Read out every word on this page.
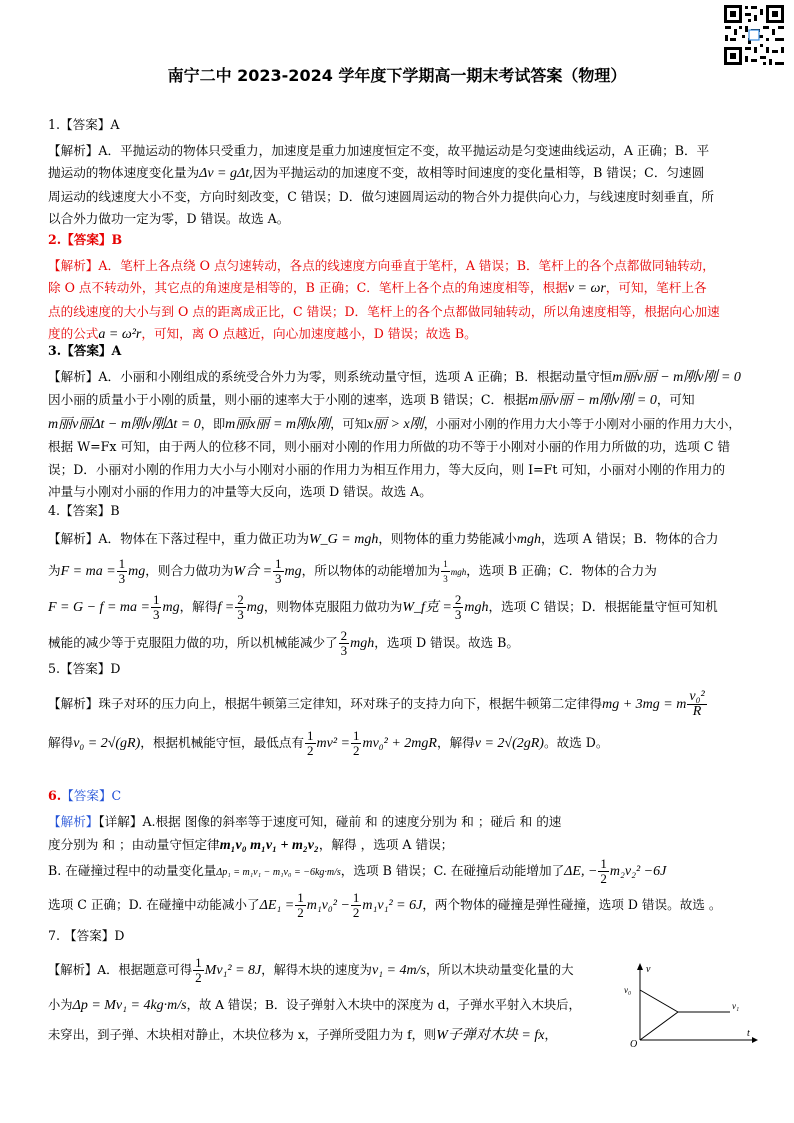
南宁二中 2023-2024 学年度下学期高一期末考试答案（物理）

1.【答案】A

【解析】A．平抛运动的物体只受重力，加速度是重力加速度恒定不变，故平抛运动是匀变速曲线运动，A 正确；B．平

抛运动的物体速度变化量为Δv = gΔt,因为平抛运动的加速度不变，故相等时间速度的变化量相等，B 错误；C．匀速圆

周运动的线速度大小不变，方向时刻改变，C 错误；D．做匀速圆周运动的物合外力提供向心力，与线速度时刻垂直，所

以合外力做功一定为零，D 错误。故选 A。

2.【答案】B

【解析】A．笔杆上各点绕 O 点匀速转动，各点的线速度方向垂直于笔杆，A 错误；B．笔杆上的各个点都做同轴转动，

除 O 点不转动外，其它点的角速度是相等的，B 正确；C．笔杆上各个点的角速度相等，根据v = ωr，可知，笔杆上各

点的线速度的大小与到 O 点的距离成正比，C 错误；D．笔杆上的各个点都做同轴转动，所以角速度相等，根据向心加速

度的公式a = ω²r，可知，离 O 点越近，向心加速度越小，D 错误；故选 B。

3.【答案】A

【解析】A．小丽和小刚组成的系统受合外力为零，则系统动量守恒，选项 A 正确；B．根据动量守恒m丽v丽 − m刚v刚 = 0

因小丽的质量小于小刚的质量，则小丽的速率大于小刚的速率，选项 B 错误；C．根据m丽v丽 − m刚v刚 = 0，可知

m丽v丽Δt − m刚v刚Δt = 0，即m丽x丽 = m刚x刚，可知x丽 > x刚，小丽对小刚的作用力大小等于小刚对小丽的作用力大小，

根据 W=Fx 可知，由于两人的位移不同，则小丽对小刚的作用力所做的功不等于小刚对小丽的作用力所做的功，选项 C 错

误；D．小丽对小刚的作用力大小与小刚对小丽的作用力为相互作用力，等大反向，则 I=Ft 可知，小丽对小刚的作用力的

冲量与小刚对小丽的作用力的冲量等大反向，选项 D 错误。故选 A。

4.【答案】B

【解析】A．物体在下落过程中，重力做正功为W_G = mgh，则物体的重力势能减小mgh，选项 A 错误；B．物体的合力

为F = ma = $\frac{1}{3}$ mg，则合力做功为W合 = $\frac{1}{3}$ mg，所以物体的动能增加为 $\frac{1}{3}$ mgh，选项 B 正确；C．物体的合力为

F = G − f = ma = $\frac{1}{3}$ mg，解得$f = \frac{2}{3}$ mg，则物体克服阻力做功为W_f克 = $\frac{2}{3}$ mgh，选项 C 错误；D．根据能量守恒可知机

械能的减少等于克服阻力做的功，所以机械能减少了 $\frac{2}{3}$ mgh，选项 D 错误。故选 B。

5.【答案】D

【解析】珠子对环的压力向上，根据牛顿第三定律知，环对珠子的支持力向下，根据牛顿第二定律得mg + 3mg = m $\frac{\text{v₀²}}{R}$

解得v₀ = 2√(gR)，根据机械能守恒，最低点有 $\frac{1}{2} mv^2 = \frac{1}{2} mv_0^2 + 2mgR$，解得v = 2√(2gR)。故选 D。

6.【答案】C

【解析】【详解】A.根据 图像的斜率等于速度可知，碰前 和 的速度分别为 和 ；碰后 和 的速

度分别为 和 ；由动量守恒定律m₁v₀ m₁v₁ + m₂v₂，解得 ，选项 A 错误；

B. 在碰撞过程中的动量变化量Δp₁ = m₁v₁ − m₁v₀ = −6kg·m/s，选项 B 错误；C. 在碰撞后动能增加了ΔE, − $\frac{1}{2} m_2v_2^2 -6J$

选项 C 正确；D. 在碰撞中动能减小了$\Delta E_1 = \frac{1}{2} m_1v_0^2 - \frac{1}{2} m_1v_1^2 = 6J$，两个物体的碰撞是弹性碰撞，选项 D 错误。故选 。

7. 【答案】D

【解析】A．根据题意可得 $\frac{1}{2} Mv_1^2 = 8J$，解得木块的速度为v₁ = 4m/s，所以木块动量变化量的大

小为Δp = Mv₁ = 4kg·m/s，故 A 错误；B．设子弹射入木块中的深度为 d，子弹水平射入木块后，

未穿出，到子弹、木块相对静止，木块位移为 x，子弹所受阻力为 f，则W子弹对木块 = fx，

v
t
O
v₀
v₁
